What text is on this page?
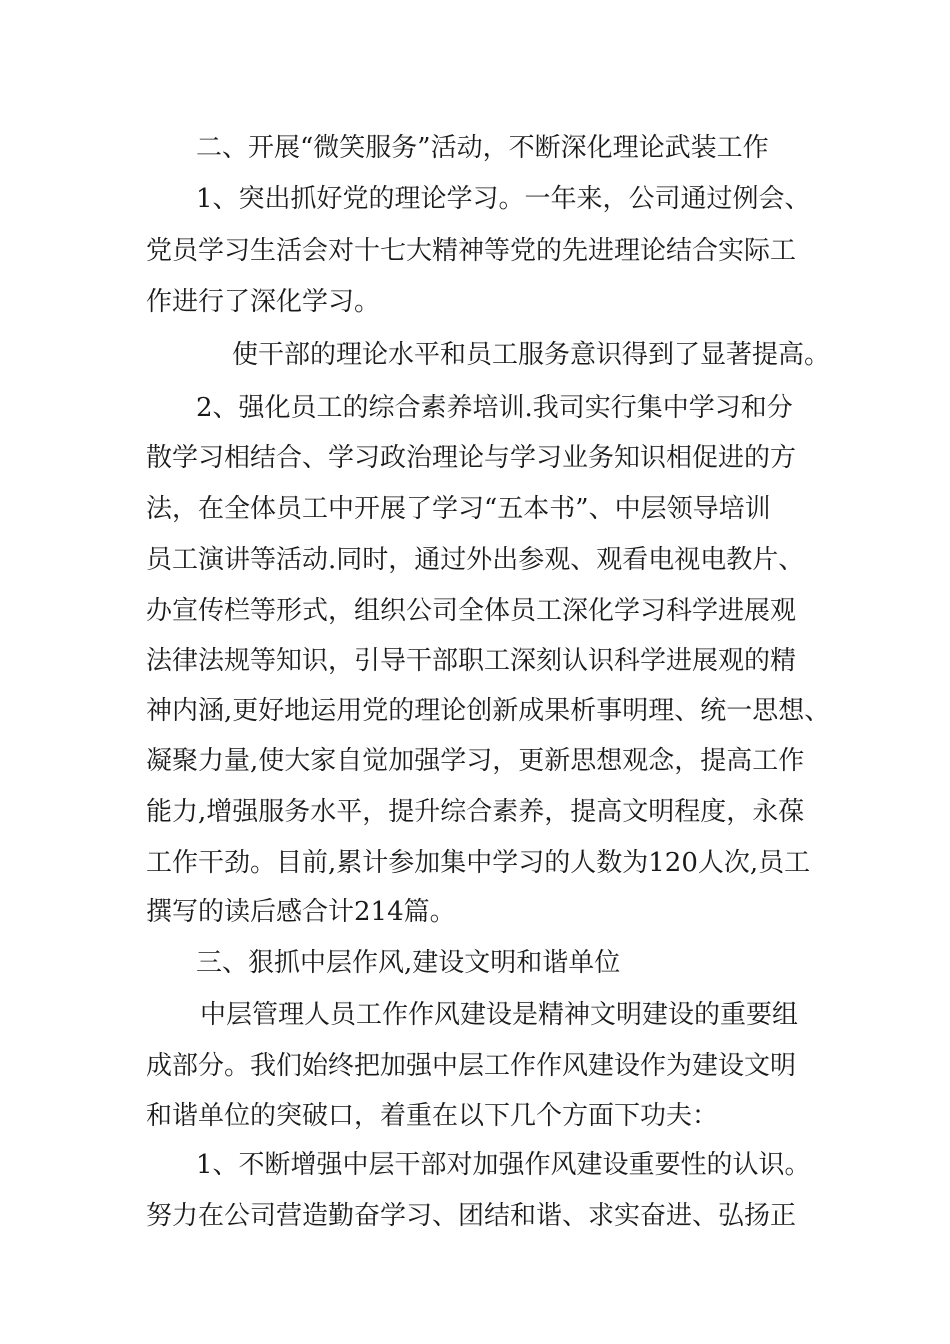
二、开展“微笑服务”活动，不断深化理论武装工作

1、突出抓好党的理论学习。一年来，公司通过例会、

党员学习生活会对十七大精神等党的先进理论结合实际工

作进行了深化学习。

使干部的理论水平和员工服务意识得到了显著提高。

2、强化员工的综合素养培训.我司实行集中学习和分

散学习相结合、学习政治理论与学习业务知识相促进的方

法，在全体员工中开展了学习“五本书”、中层领导培训

员工演讲等活动.同时，通过外出参观、观看电视电教片、

办宣传栏等形式，组织公司全体员工深化学习科学进展观

法律法规等知识，引导干部职工深刻认识科学进展观的精

神内涵,更好地运用党的理论创新成果析事明理、统一思想、

凝聚力量,使大家自觉加强学习，更新思想观念，提高工作

能力,增强服务水平，提升综合素养，提高文明程度，永葆

工作干劲。目前,累计参加集中学习的人数为120人次,员工

撰写的读后感合计214篇。

三、狠抓中层作风,建设文明和谐单位

中层管理人员工作作风建设是精神文明建设的重要组

成部分。我们始终把加强中层工作作风建设作为建设文明

和谐单位的突破口，着重在以下几个方面下功夫：

1、不断增强中层干部对加强作风建设重要性的认识。

努力在公司营造勤奋学习、团结和谐、求实奋进、弘扬正
